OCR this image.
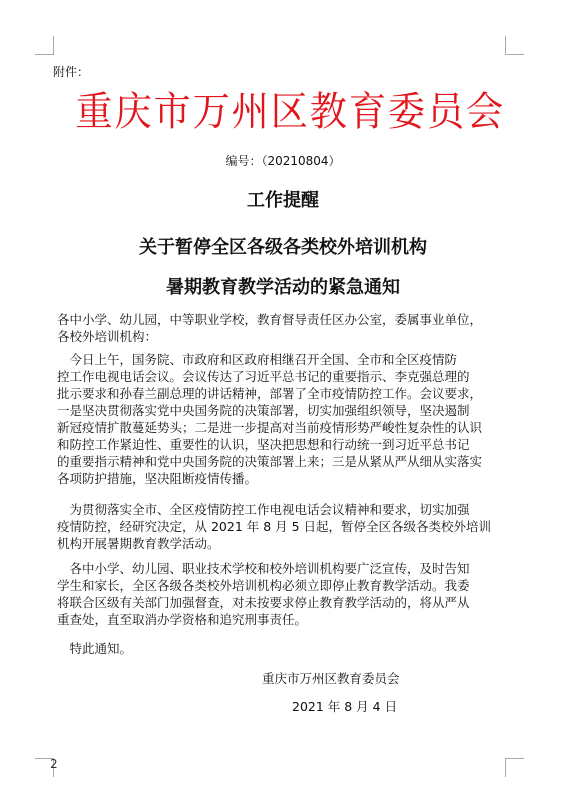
附件：
重庆市万州区教育委员会
编号：（20210804）
工作提醒
关于暂停全区各级各类校外培训机构
暑期教育教学活动的紧急通知
各中小学、幼儿园，中等职业学校，教育督导责任区办公室，委属事业单位，
各校外培训机构：
　今日上午，国务院、市政府和区政府相继召开全国、全市和全区疫情防
控工作电视电话会议。会议传达了习近平总书记的重要指示、李克强总理的
批示要求和孙春兰副总理的讲话精神，部署了全市疫情防控工作。会议要求，
一是坚决贯彻落实党中央国务院的决策部署，切实加强组织领导，坚决遏制
新冠疫情扩散蔓延势头；二是进一步提高对当前疫情形势严峻性复杂性的认识
和防控工作紧迫性、重要性的认识，坚决把思想和行动统一到习近平总书记
的重要指示精神和党中央国务院的决策部署上来；三是从紧从严从细从实落实
各项防护措施，坚决阻断疫情传播。
　为贯彻落实全市、全区疫情防控工作电视电话会议精神和要求，切实加强
疫情防控，经研究决定，从 2021 年 8 月 5 日起，暂停全区各级各类校外培训
机构开展暑期教育教学活动。
　各中小学、幼儿园、职业技术学校和校外培训机构要广泛宣传，及时告知
学生和家长，全区各级各类校外培训机构必须立即停止教育教学活动。我委
将联合区级有关部门加强督查，对未按要求停止教育教学活动的，将从严从
重查处，直至取消办学资格和追究刑事责任。
　特此通知。
重庆市万州区教育委员会
2021 年 8 月 4 日
2
